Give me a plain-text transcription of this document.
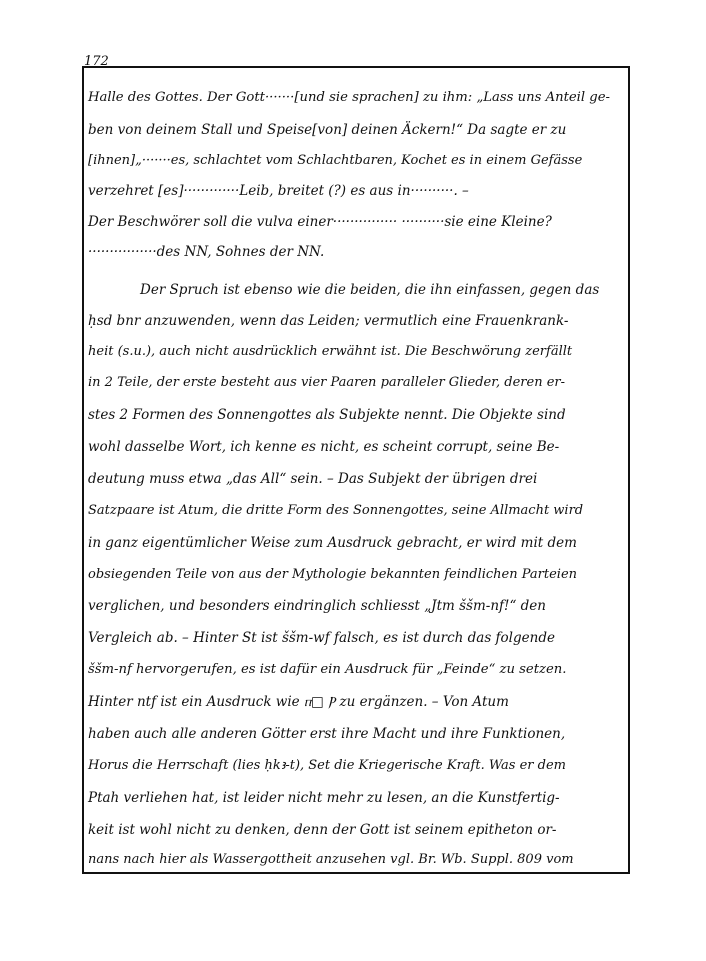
172
Halle des Gottes. Der Gott·······[und sie sprachen] zu ihm: „Lass uns Anteil ge-
ben von deinem Stall und Speise[von] deinen Äckern!“ Da sagte er zu
[ihnen]„·······es, schlachtet vom Schlachtbaren, Kochet es in einem Gefässe
verzehret [es]·············Leib, breitet (?) es aus in··········. –
Der Beschwörer soll die vulva einer··············· ··········sie eine Kleine?
················des NN, Sohnes der NN.
Der Spruch ist ebenso wie die beiden, die ihn einfassen, gegen das
ḥsd bnr anzuwenden, wenn das Leiden; vermutlich eine Frauenkrank-
heit (s.u.), auch nicht ausdrücklich erwähnt ist. Die Beschwörung zerfällt
in 2 Teile, der erste besteht aus vier Paaren paralleler Glieder, deren er-
stes 2 Formen des Sonnengottes als Subjekte nennt. Die Objekte sind
wohl dasselbe Wort, ich kenne es nicht, es scheint corrupt, seine Be-
deutung muss etwa „das All“ sein. – Das Subjekt der übrigen drei
Satzpaare ist Atum, die dritte Form des Sonnengottes, seine Allmacht wird
in ganz eigentümlicher Weise zum Ausdruck gebracht, er wird mit dem
obsiegenden Teile von aus der Mythologie bekannten feindlichen Parteien
verglichen, und besonders eindringlich schliesst „Jtm ššm-nf!“ den
Vergleich ab. – Hinter St ist ššm-wf falsch, es ist durch das folgende
ššm-nf hervorgerufen, es ist dafür ein Ausdruck für „Feinde“ zu setzen.
Hinter ntf ist ein Ausdruck wie ⲡ□ Ⲣ zu ergänzen. – Von Atum
haben auch alle anderen Götter erst ihre Macht und ihre Funktionen,
Horus die Herrschaft (lies ḥkꜣ-t), Set die Kriegerische Kraft. Was er dem
Ptah verliehen hat, ist leider nicht mehr zu lesen, an die Kunstfertig-
keit ist wohl nicht zu denken, denn der Gott ist seinem epitheton or-
nans nach hier als Wassergottheit anzusehen vgl. Br. Wb. Suppl. 809 vom
